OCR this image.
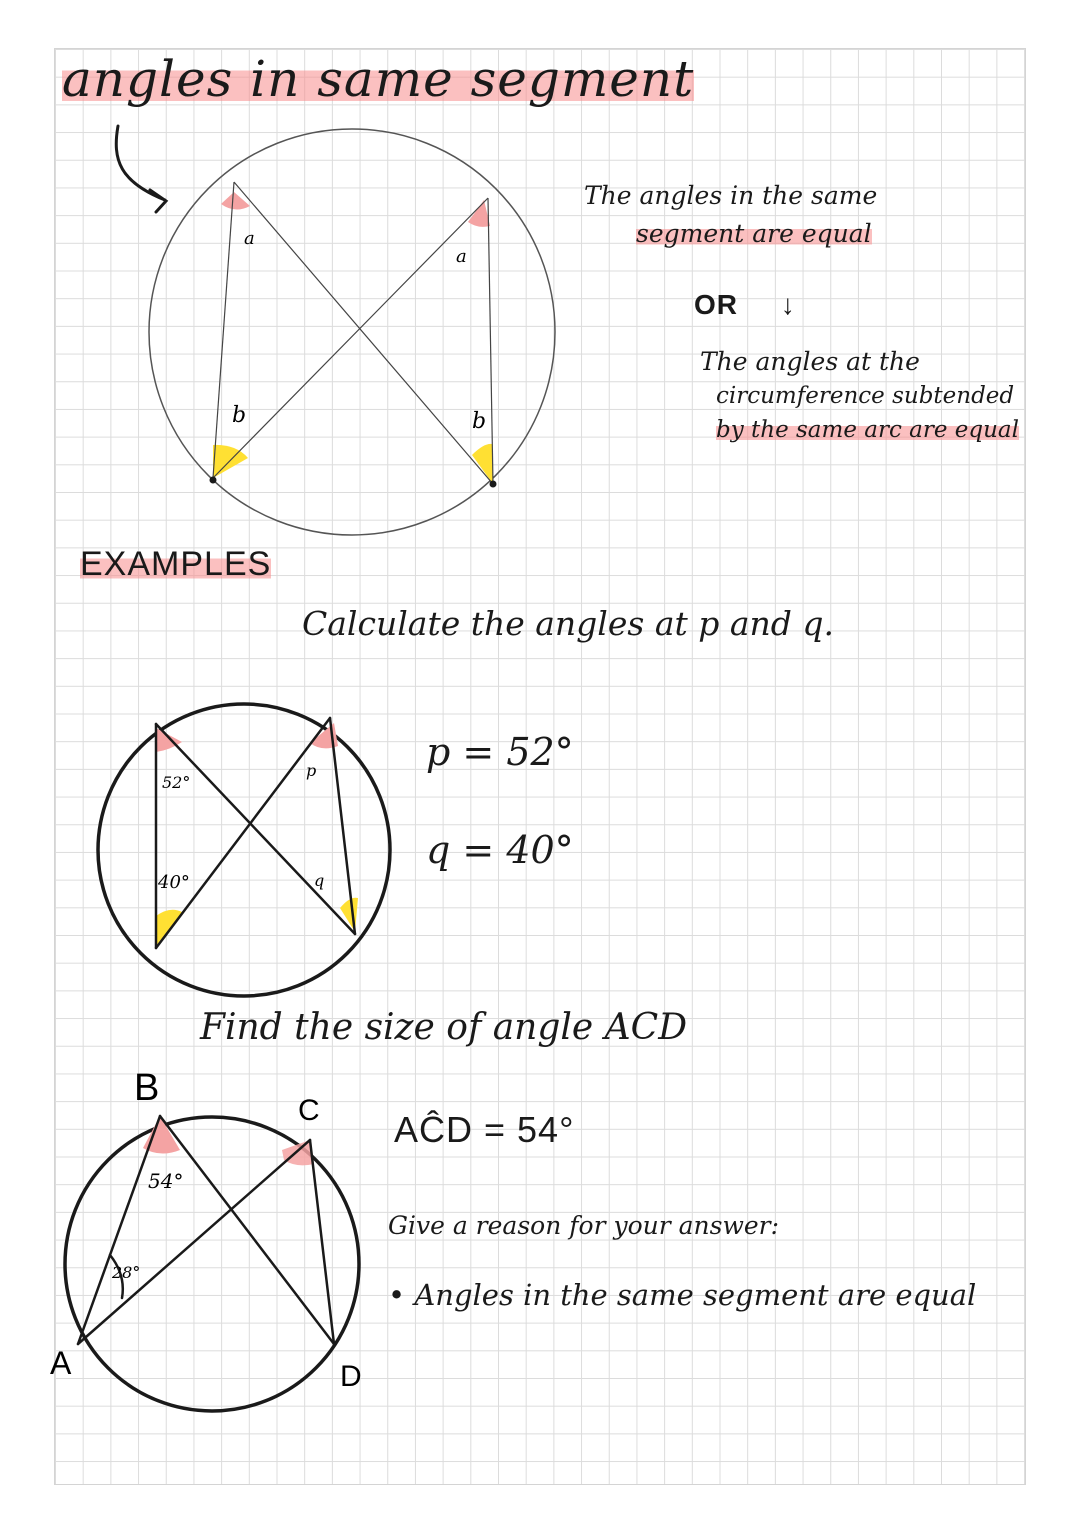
angles in same segment
a
a
b	b
52°
40°
p
q
54°
28°
B
C
A	D
The angles in the same
segment are equal
OR ↓
The angles at the
circumference subtended
by the same arc are equal
EXAMPLES
Calculate the angles at p and q.
p = 52°
q = 40°
Find the size of angle ACD
AĈD = 54°
Give a reason for your answer:
• Angles in the same segment are equal
